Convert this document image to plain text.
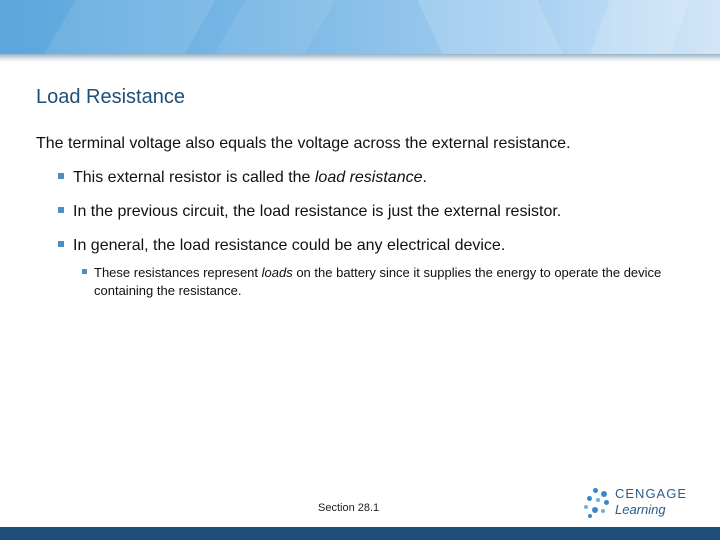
Load Resistance
The terminal voltage also equals the voltage across the external resistance.
This external resistor is called the load resistance.
In the previous circuit, the load resistance is just the external resistor.
In general, the load resistance could be any electrical device.
These resistances represent loads on the battery since it supplies the energy to operate the device containing the resistance.
Section 28.1
CENGAGE
Learning
